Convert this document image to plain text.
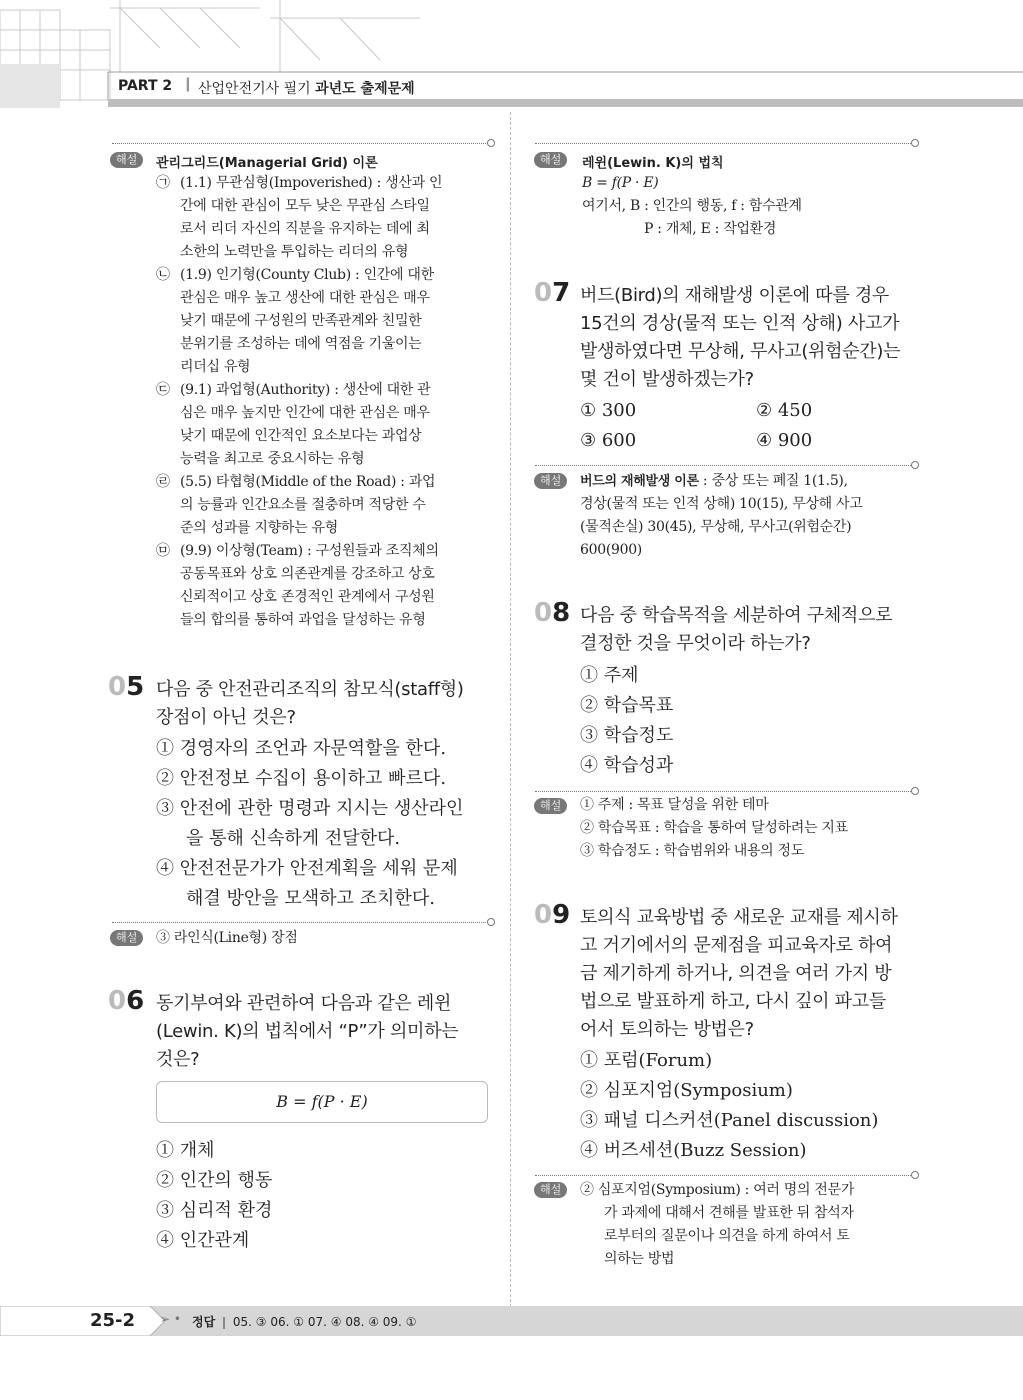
PART 2 ❙ 산업안전기사 필기 과년도 출제문제
해설	관리그리드(Managerial Grid) 이론
㉠ (1.1) 무관심형(Impoverished) : 생산과 인
간에 대한 관심이 모두 낮은 무관심 스타일
로서 리더 자신의 직분을 유지하는 데에 최
소한의 노력만을 투입하는 리더의 유형
㉡ (1.9) 인기형(County Club) : 인간에 대한
관심은 매우 높고 생산에 대한 관심은 매우
낮기 때문에 구성원의 만족관계와 친밀한
분위기를 조성하는 데에 역점을 기울이는
리더십 유형
㉢ (9.1) 과업형(Authority) : 생산에 대한 관
심은 매우 높지만 인간에 대한 관심은 매우
낮기 때문에 인간적인 요소보다는 과업상
능력을 최고로 중요시하는 유형
㉣ (5.5) 타협형(Middle of the Road) : 과업
의 능률과 인간요소를 절충하며 적당한 수
준의 성과를 지향하는 유형
㉤ (9.9) 이상형(Team) : 구성원들과 조직체의
공동목표와 상호 의존관계를 강조하고 상호
신뢰적이고 상호 존경적인 관계에서 구성원
들의 합의를 통하여 과업을 달성하는 유형
05 다음 중 안전관리조직의 참모식(staff형)
장점이 아닌 것은?
① 경영자의 조언과 자문역할을 한다.
② 안전정보 수집이 용이하고 빠르다.
③ 안전에 관한 명령과 지시는 생산라인
을 통해 신속하게 전달한다.
④ 안전전문가가 안전계획을 세워 문제
해결 방안을 모색하고 조치한다.
해설	③ 라인식(Line형) 장점
06 동기부여와 관련하여 다음과 같은 레윈
(Lewin. K)의 법칙에서 “P”가 의미하는
것은?
B = f(P · E)
① 개체
② 인간의 행동
③ 심리적 환경
④ 인간관계
해설	레윈(Lewin. K)의 법칙
B = f(P · E)
여기서, B : 인간의 행동, f : 함수관계
P : 개체, E : 작업환경
07 버드(Bird)의 재해발생 이론에 따를 경우
15건의 경상(물적 또는 인적 상해) 사고가
발생하였다면 무상해, 무사고(위험순간)는
몇 건이 발생하겠는가?
① 300
③ 600
② 450
④ 900
해설	버드의 재해발생 이론 : 중상 또는 폐질 1(1.5),
경상(물적 또는 인적 상해) 10(15), 무상해 사고
(물적손실) 30(45), 무상해, 무사고(위험순간)
600(900)
08 다음 중 학습목적을 세분하여 구체적으로
결정한 것을 무엇이라 하는가?
① 주제
② 학습목표
③ 학습정도
④ 학습성과
해설	① 주제 : 목표 달성을 위한 테마
② 학습목표 : 학습을 통하여 달성하려는 지표
③ 학습정도 : 학습범위와 내용의 정도
09 토의식 교육방법 중 새로운 교재를 제시하
고 거기에서의 문제점을 피교육자로 하여
금 제기하게 하거나, 의견을 여러 가지 방
법으로 발표하게 하고, 다시 깊이 파고들
어서 토의하는 방법은?
① 포럼(Forum)
② 심포지엄(Symposium)
③ 패널 디스커션(Panel discussion)
④ 버즈세션(Buzz Session)
해설	② 심포지엄(Symposium) : 여러 명의 전문가
가 과제에 대해서 견해를 발표한 뒤 참석자
로부터의 질문이나 의견을 하게 하여서 토
의하는 방법
25-2 ➢ • 정답 ❙ 05. ③ 06. ① 07. ④ 08. ④ 09. ①
